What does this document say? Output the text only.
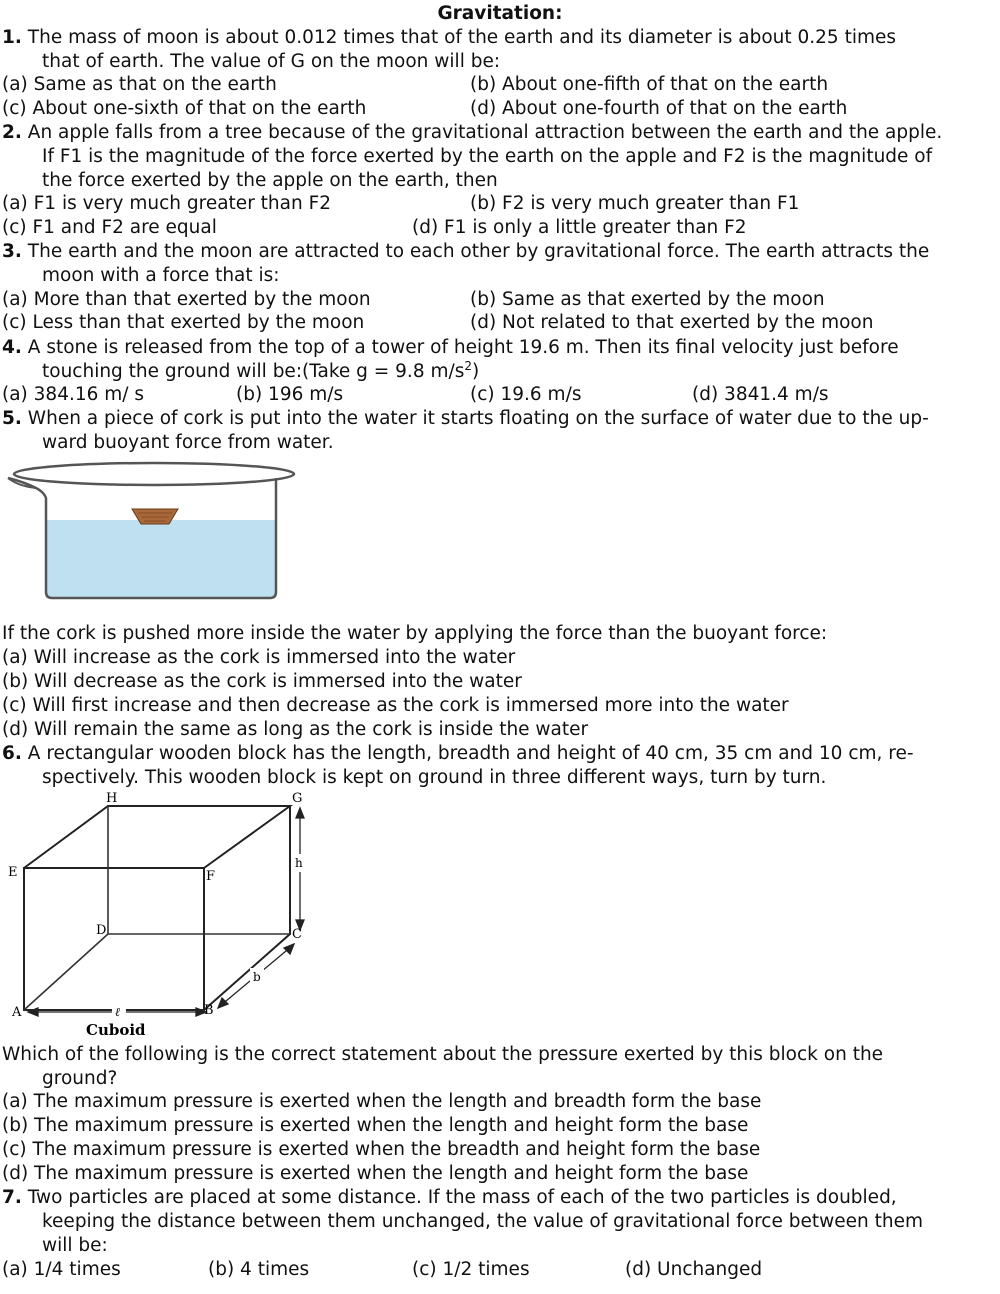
Gravitation:
1. The mass of moon is about 0.012 times that of the earth and its diameter is about 0.25 times
that of earth. The value of G on the moon will be:
(a) Same as that on the earth	(b) About one-fifth of that on the earth
(c) About one-sixth of that on the earth	(d) About one-fourth of that on the earth
2. An apple falls from a tree because of the gravitational attraction between the earth and the apple.
If F1 is the magnitude of the force exerted by the earth on the apple and F2 is the magnitude of
the force exerted by the apple on the earth, then
(a) F1 is very much greater than F2	(b) F2 is very much greater than F1
(c) F1 and F2 are equal	(d) F1 is only a little greater than F2
3. The earth and the moon are attracted to each other by gravitational force. The earth attracts the
moon with a force that is:
(a) More than that exerted by the moon	(b) Same as that exerted by the moon
(c) Less than that exerted by the moon	(d) Not related to that exerted by the moon
4. A stone is released from the top of a tower of height 19.6 m. Then its final velocity just before
touching the ground will be:(Take g = 9.8 $m/s^2$)
(a) 384.16 m/ s	(b) 196 m/s	(c) 19.6 m/s	(d) 3841.4 m/s
5. When a piece of cork is put into the water it starts floating on the surface of water due to the up-
ward buoyant force from water.
If the cork is pushed more inside the water by applying the force than the buoyant force:
(a) Will increase as the cork is immersed into the water
(b) Will decrease as the cork is immersed into the water
(c) Will first increase and then decrease as the cork is immersed more into the water
(d) Will remain the same as long as the cork is inside the water
6. A rectangular wooden block has the length, breadth and height of 40 cm, 35 cm and 10 cm, re-
spectively. This wooden block is kept on ground in three different ways, turn by turn.
E
H	G
F
D	C
A	B
h
b
ℓ
Cuboid
Which of the following is the correct statement about the pressure exerted by this block on the
ground?
(a) The maximum pressure is exerted when the length and breadth form the base
(b) The maximum pressure is exerted when the length and height form the base
(c) The maximum pressure is exerted when the breadth and height form the base
(d) The maximum pressure is exerted when the length and height form the base
7. Two particles are placed at some distance. If the mass of each of the two particles is doubled,
keeping the distance between them unchanged, the value of gravitational force between them
will be:
(a) 1/4 times	(b) 4 times	(c) 1/2 times	(d) Unchanged
